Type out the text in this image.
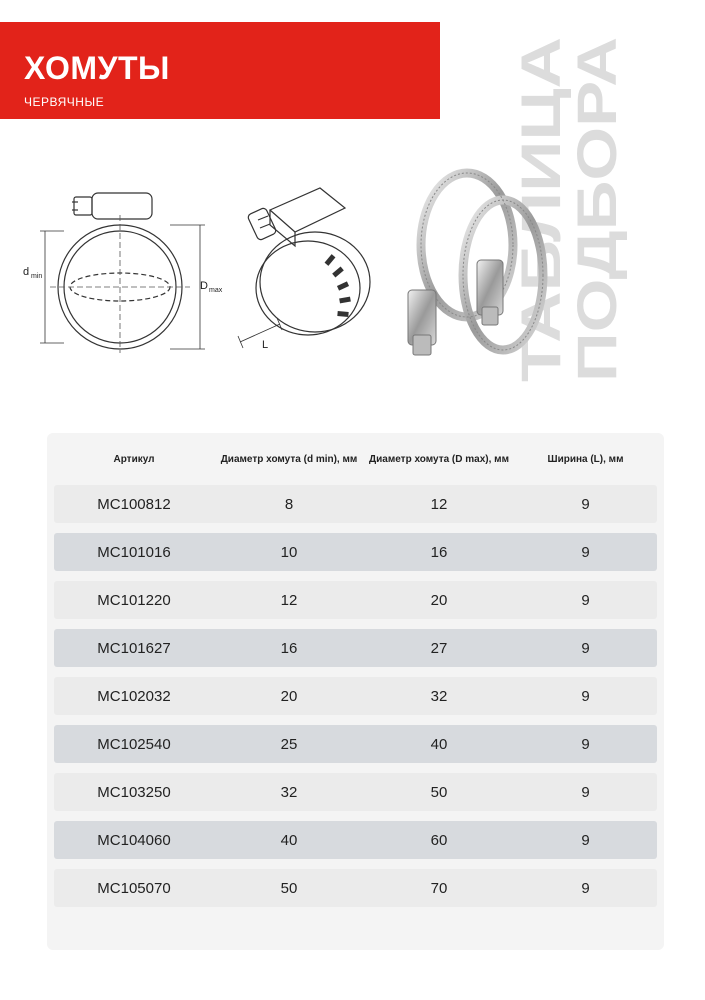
ХОМУТЫ
ЧЕРВЯЧНЫЕ
ТАБЛИЦА
ПОДБОРА
d min
D max
L
Артикул	Диаметр хомута (d min), мм	Диаметр хомута (D max), мм	Ширина (L), мм
MC100812	8	12	9
MC101016	10	16	9
MC101220	12	20	9
MC101627	16	27	9
MC102032	20	32	9
MC102540	25	40	9
MC103250	32	50	9
MC104060	40	60	9
MC105070	50	70	9
